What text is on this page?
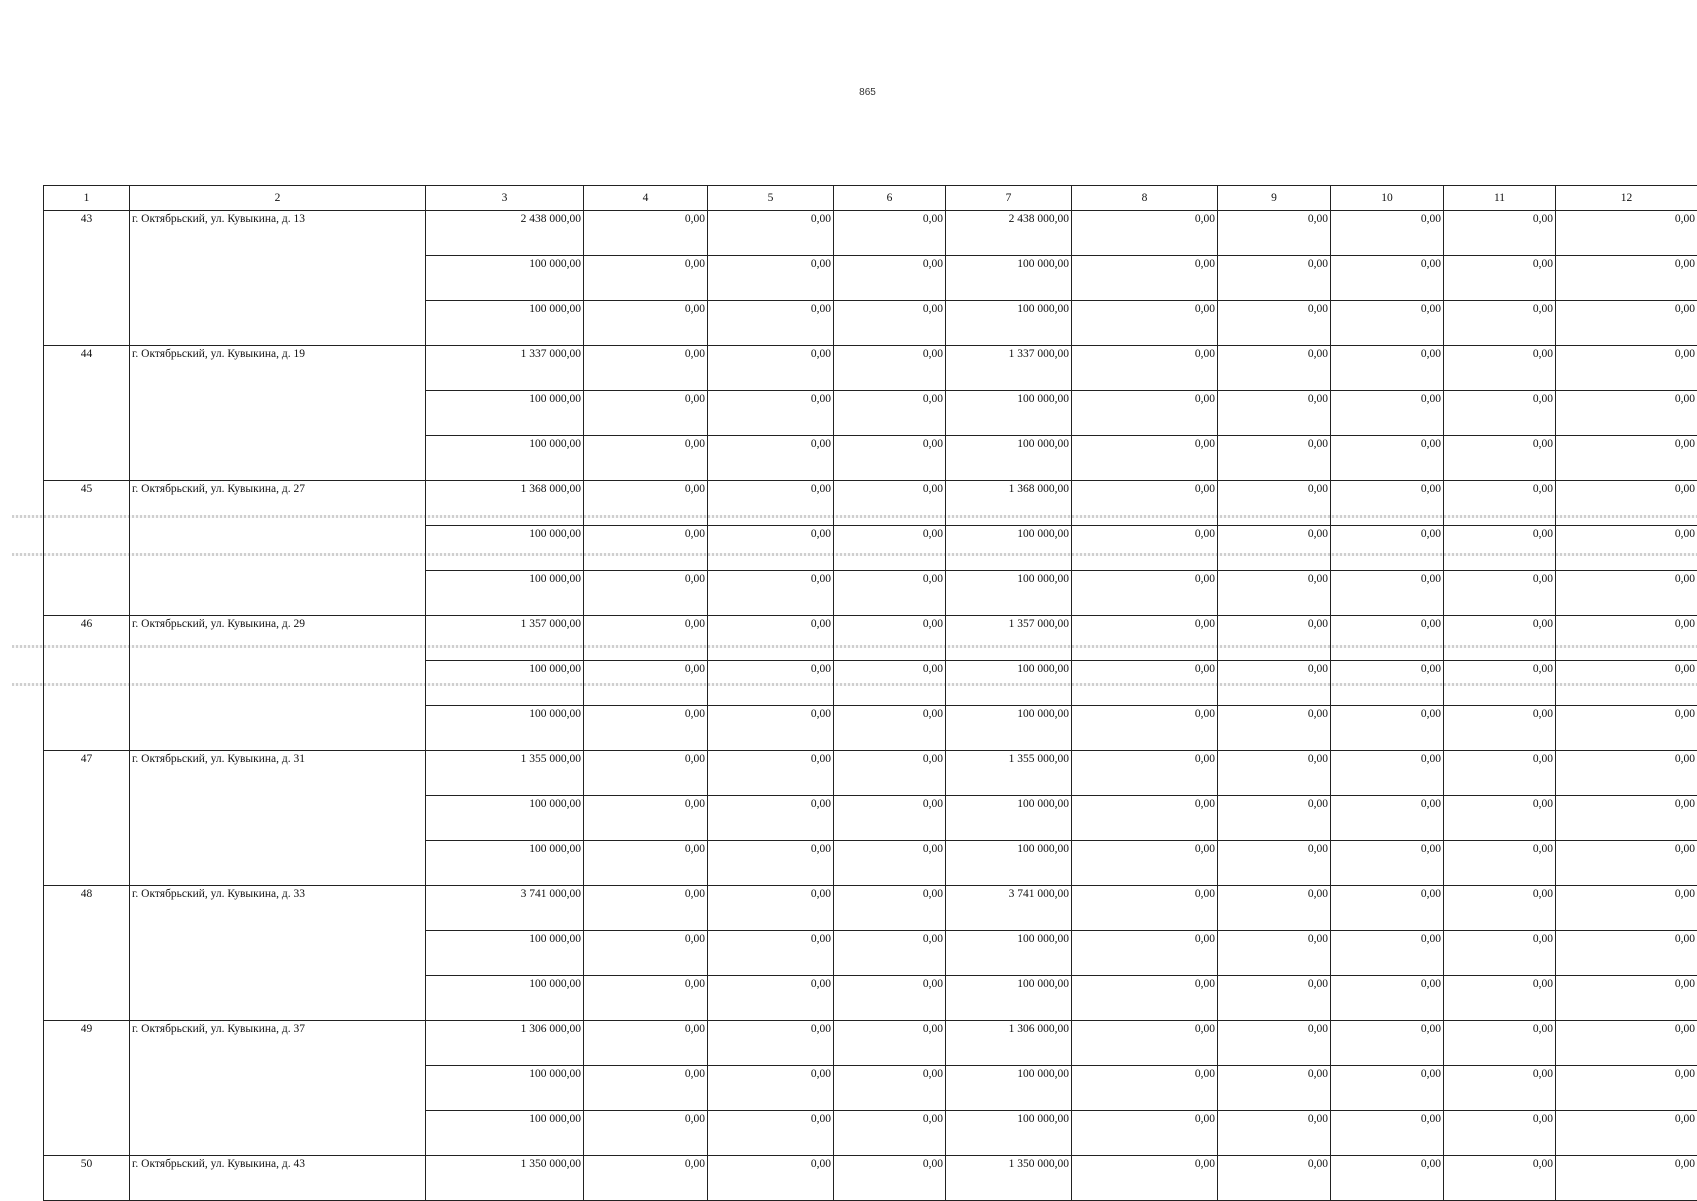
865
1	2	3	4	5	6	7	8	9	10	11	12
43	г. Октябрьский, ул. Кувыкина, д. 13	2 438 000,00	0,00	0,00	0,00	2 438 000,00	0,00	0,00	0,00	0,00	0,00
		100 000,00	0,00	0,00	0,00	100 000,00	0,00	0,00	0,00	0,00	0,00
		100 000,00	0,00	0,00	0,00	100 000,00	0,00	0,00	0,00	0,00	0,00
44	г. Октябрьский, ул. Кувыкина, д. 19	1 337 000,00	0,00	0,00	0,00	1 337 000,00	0,00	0,00	0,00	0,00	0,00
		100 000,00	0,00	0,00	0,00	100 000,00	0,00	0,00	0,00	0,00	0,00
		100 000,00	0,00	0,00	0,00	100 000,00	0,00	0,00	0,00	0,00	0,00
45	г. Октябрьский, ул. Кувыкина, д. 27	1 368 000,00	0,00	0,00	0,00	1 368 000,00	0,00	0,00	0,00	0,00	0,00
		100 000,00	0,00	0,00	0,00	100 000,00	0,00	0,00	0,00	0,00	0,00
		100 000,00	0,00	0,00	0,00	100 000,00	0,00	0,00	0,00	0,00	0,00
46	г. Октябрьский, ул. Кувыкина, д. 29	1 357 000,00	0,00	0,00	0,00	1 357 000,00	0,00	0,00	0,00	0,00	0,00
		100 000,00	0,00	0,00	0,00	100 000,00	0,00	0,00	0,00	0,00	0,00
		100 000,00	0,00	0,00	0,00	100 000,00	0,00	0,00	0,00	0,00	0,00
47	г. Октябрьский, ул. Кувыкина, д. 31	1 355 000,00	0,00	0,00	0,00	1 355 000,00	0,00	0,00	0,00	0,00	0,00
		100 000,00	0,00	0,00	0,00	100 000,00	0,00	0,00	0,00	0,00	0,00
		100 000,00	0,00	0,00	0,00	100 000,00	0,00	0,00	0,00	0,00	0,00
48	г. Октябрьский, ул. Кувыкина, д. 33	3 741 000,00	0,00	0,00	0,00	3 741 000,00	0,00	0,00	0,00	0,00	0,00
		100 000,00	0,00	0,00	0,00	100 000,00	0,00	0,00	0,00	0,00	0,00
		100 000,00	0,00	0,00	0,00	100 000,00	0,00	0,00	0,00	0,00	0,00
49	г. Октябрьский, ул. Кувыкина, д. 37	1 306 000,00	0,00	0,00	0,00	1 306 000,00	0,00	0,00	0,00	0,00	0,00
		100 000,00	0,00	0,00	0,00	100 000,00	0,00	0,00	0,00	0,00	0,00
		100 000,00	0,00	0,00	0,00	100 000,00	0,00	0,00	0,00	0,00	0,00
50	г. Октябрьский, ул. Кувыкина, д. 43	1 350 000,00	0,00	0,00	0,00	1 350 000,00	0,00	0,00	0,00	0,00	0,00
